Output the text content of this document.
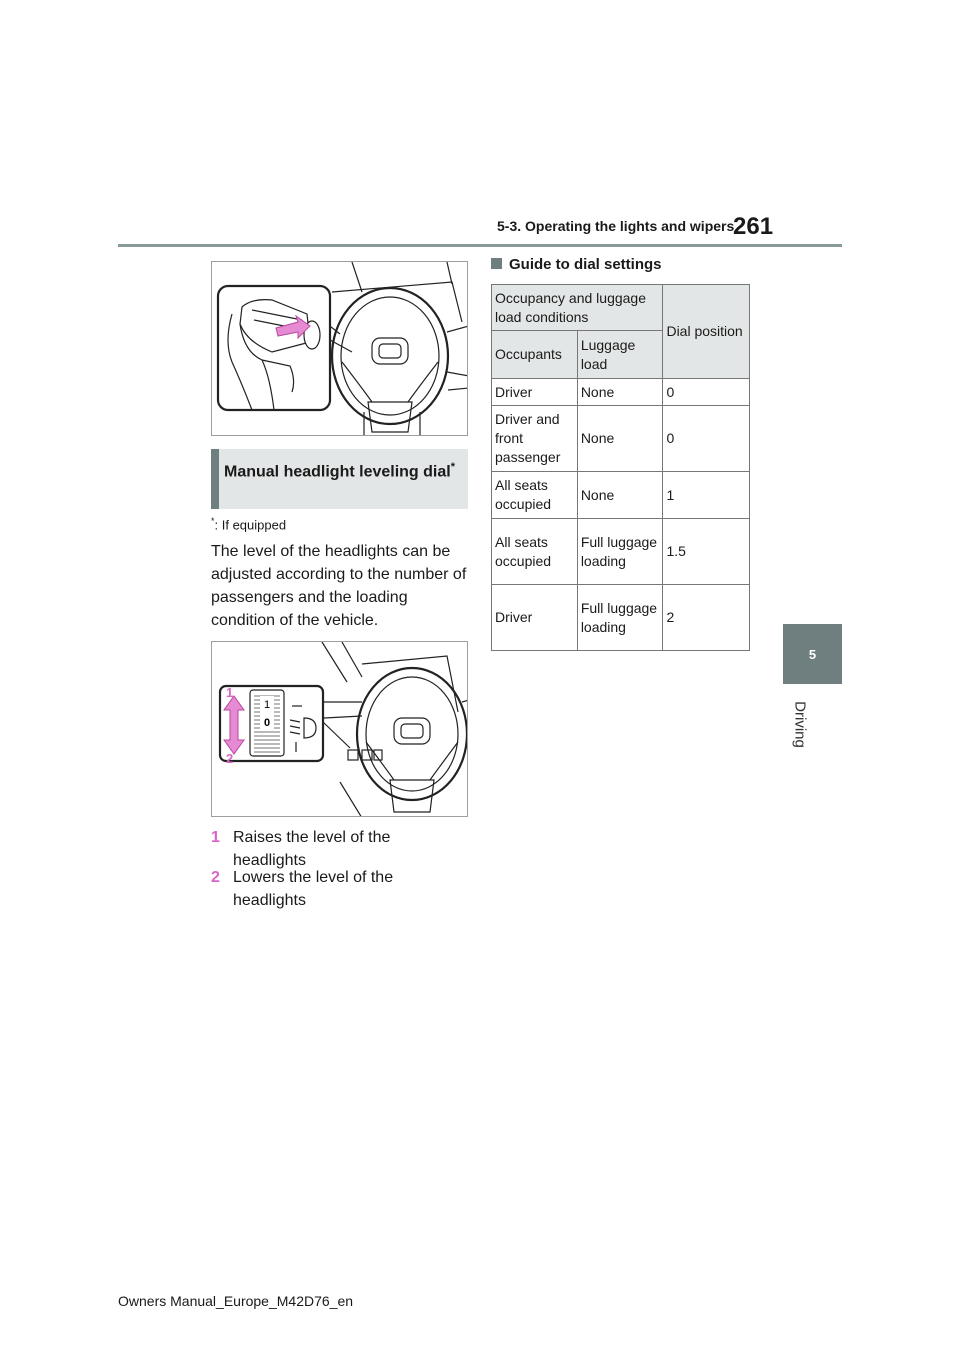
5-3. Operating the lights and wipers
261
5
Driving
Manual headlight leveling dial*
*: If equipped
The level of the headlights can be adjusted according to the number of passengers and the loading condition of the vehicle.
1
0
1
2
1 Raises the level of the headlights
2 Lowers the level of the headlights
Guide to dial settings
Occupancy and luggage load conditions		Dial position
Occupants	Luggage load	
Driver	None	0
Driver and front passenger	None	0
All seats occupied	None	1
All seats occupied	Full luggage loading	1.5
Driver	Full luggage loading	2
Owners Manual_Europe_M42D76_en
